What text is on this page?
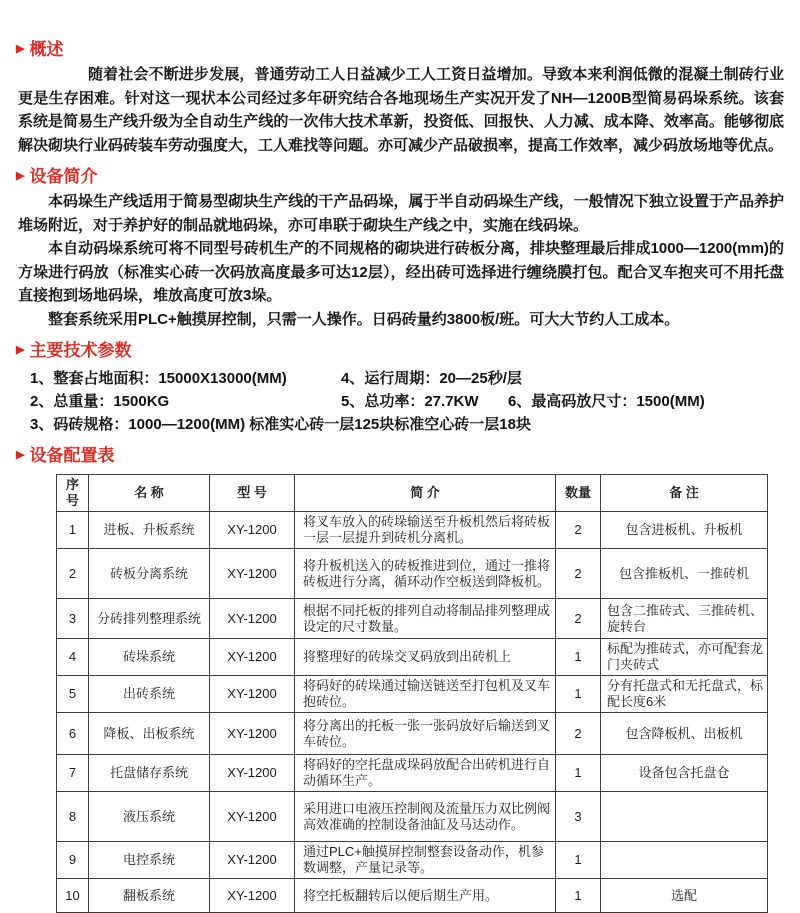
▶ 概述

随着社会不断进步发展，普通劳动工人日益减少工人工资日益增加。导致本来利润低微的混凝土制砖行业更是生存困难。针对这一现状本公司经过多年研究结合各地现场生产实况开发了NH—1200B型简易码垛系统。该套系统是简易生产线升级为全自动生产线的一次伟大技术革新，投资低、回报快、人力减、成本降、效率高。能够彻底解决砌块行业码砖装车劳动强度大，工人难找等问题。亦可减少产品破损率，提高工作效率，减少码放场地等优点。

▶ 设备简介

本码垛生产线适用于简易型砌块生产线的干产品码垛，属于半自动码垛生产线，一般情况下独立设置于产品养护堆场附近，对于养护好的制品就地码垛，亦可串联于砌块生产线之中，实施在线码垛。

本自动码垛系统可将不同型号砖机生产的不同规格的砌块进行砖板分离，排块整理最后排成1000—1200(mm)的方垛进行码放（标准实心砖一次码放高度最多可达12层），经出砖可选择进行缠绕膜打包。配合叉车抱夹可不用托盘直接抱到场地码垛，堆放高度可放3垛。

整套系统采用PLC+触摸屏控制，只需一人操作。日码砖量约3800板/班。可大大节约人工成本。

▶ 主要技术参数
1、整套占地面积：15000X13000(MM)	4、运行周期：20—25秒/层
2、总重量：1500KG	5、总功率：27.7KW	6、最高码放尺寸：1500(MM)
3、码砖规格：1000—1200(MM) 标准实心砖一层125块标准空心砖一层18块
▶ 设备配置表
序号	名 称	型 号	简 介	数量	备 注
1	进板、升板系统	XY-1200	将叉车放入的砖垛输送至升板机然后将砖板一层一层提升到砖机分离机。	2	包含进板机、升板机
2	砖板分离系统	XY-1200	将升板机送入的砖板推进到位，通过一推将砖板进行分离，循环动作空板送到降板机。	2	包含推板机、一推砖机
3	分砖排列整理系统	XY-1200	根据不同托板的排列自动将制品排列整理成设定的尺寸数量。	2	包含二推砖式、三推砖机、旋转台
4	砖垛系统	XY-1200	将整理好的砖垛交叉码放到出砖机上	1	标配为推砖式，亦可配套龙门夹砖式
5	出砖系统	XY-1200	将码好的砖垛通过输送链送至打包机及叉车抱砖位。	1	分有托盘式和无托盘式，标配长度6米
6	降板、出板系统	XY-1200	将分离出的托板一张一张码放好后输送到叉车砖位。	2	包含降板机、出板机
7	托盘储存系统	XY-1200	将码好的空托盘成垛码放配合出砖机进行自动循环生产。	1	设备包含托盘仓
8	液压系统	XY-1200	采用进口电液压控制阀及流量压力双比例阀高效准确的控制设备油缸及马达动作。	3	
9	电控系统	XY-1200	通过PLC+触摸屏控制整套设备动作，机参数调整，产量记录等。	1	
10	翻板系统	XY-1200	将空托板翻转后以便后期生产用。	1	选配
